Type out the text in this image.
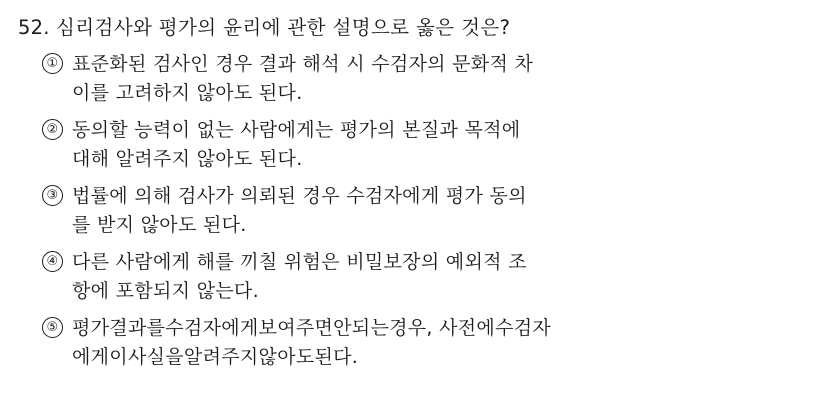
52. 심리검사와 평가의 윤리에 관한 설명으로 옳은 것은?
① 표준화된 검사인 경우 결과 해석 시 수검자의 문화적 차
이를 고려하지 않아도 된다.
② 동의할 능력이 없는 사람에게는 평가의 본질과 목적에
대해 알려주지 않아도 된다.
③ 법률에 의해 검사가 의뢰된 경우 수검자에게 평가 동의
를 받지 않아도 된다.
④ 다른 사람에게 해를 끼칠 위험은 비밀보장의 예외적 조
항에 포함되지 않는다.
⑤ 평가결과를수검자에게보여주면안되는경우, 사전에수검자
에게이사실을알려주지않아도된다.
